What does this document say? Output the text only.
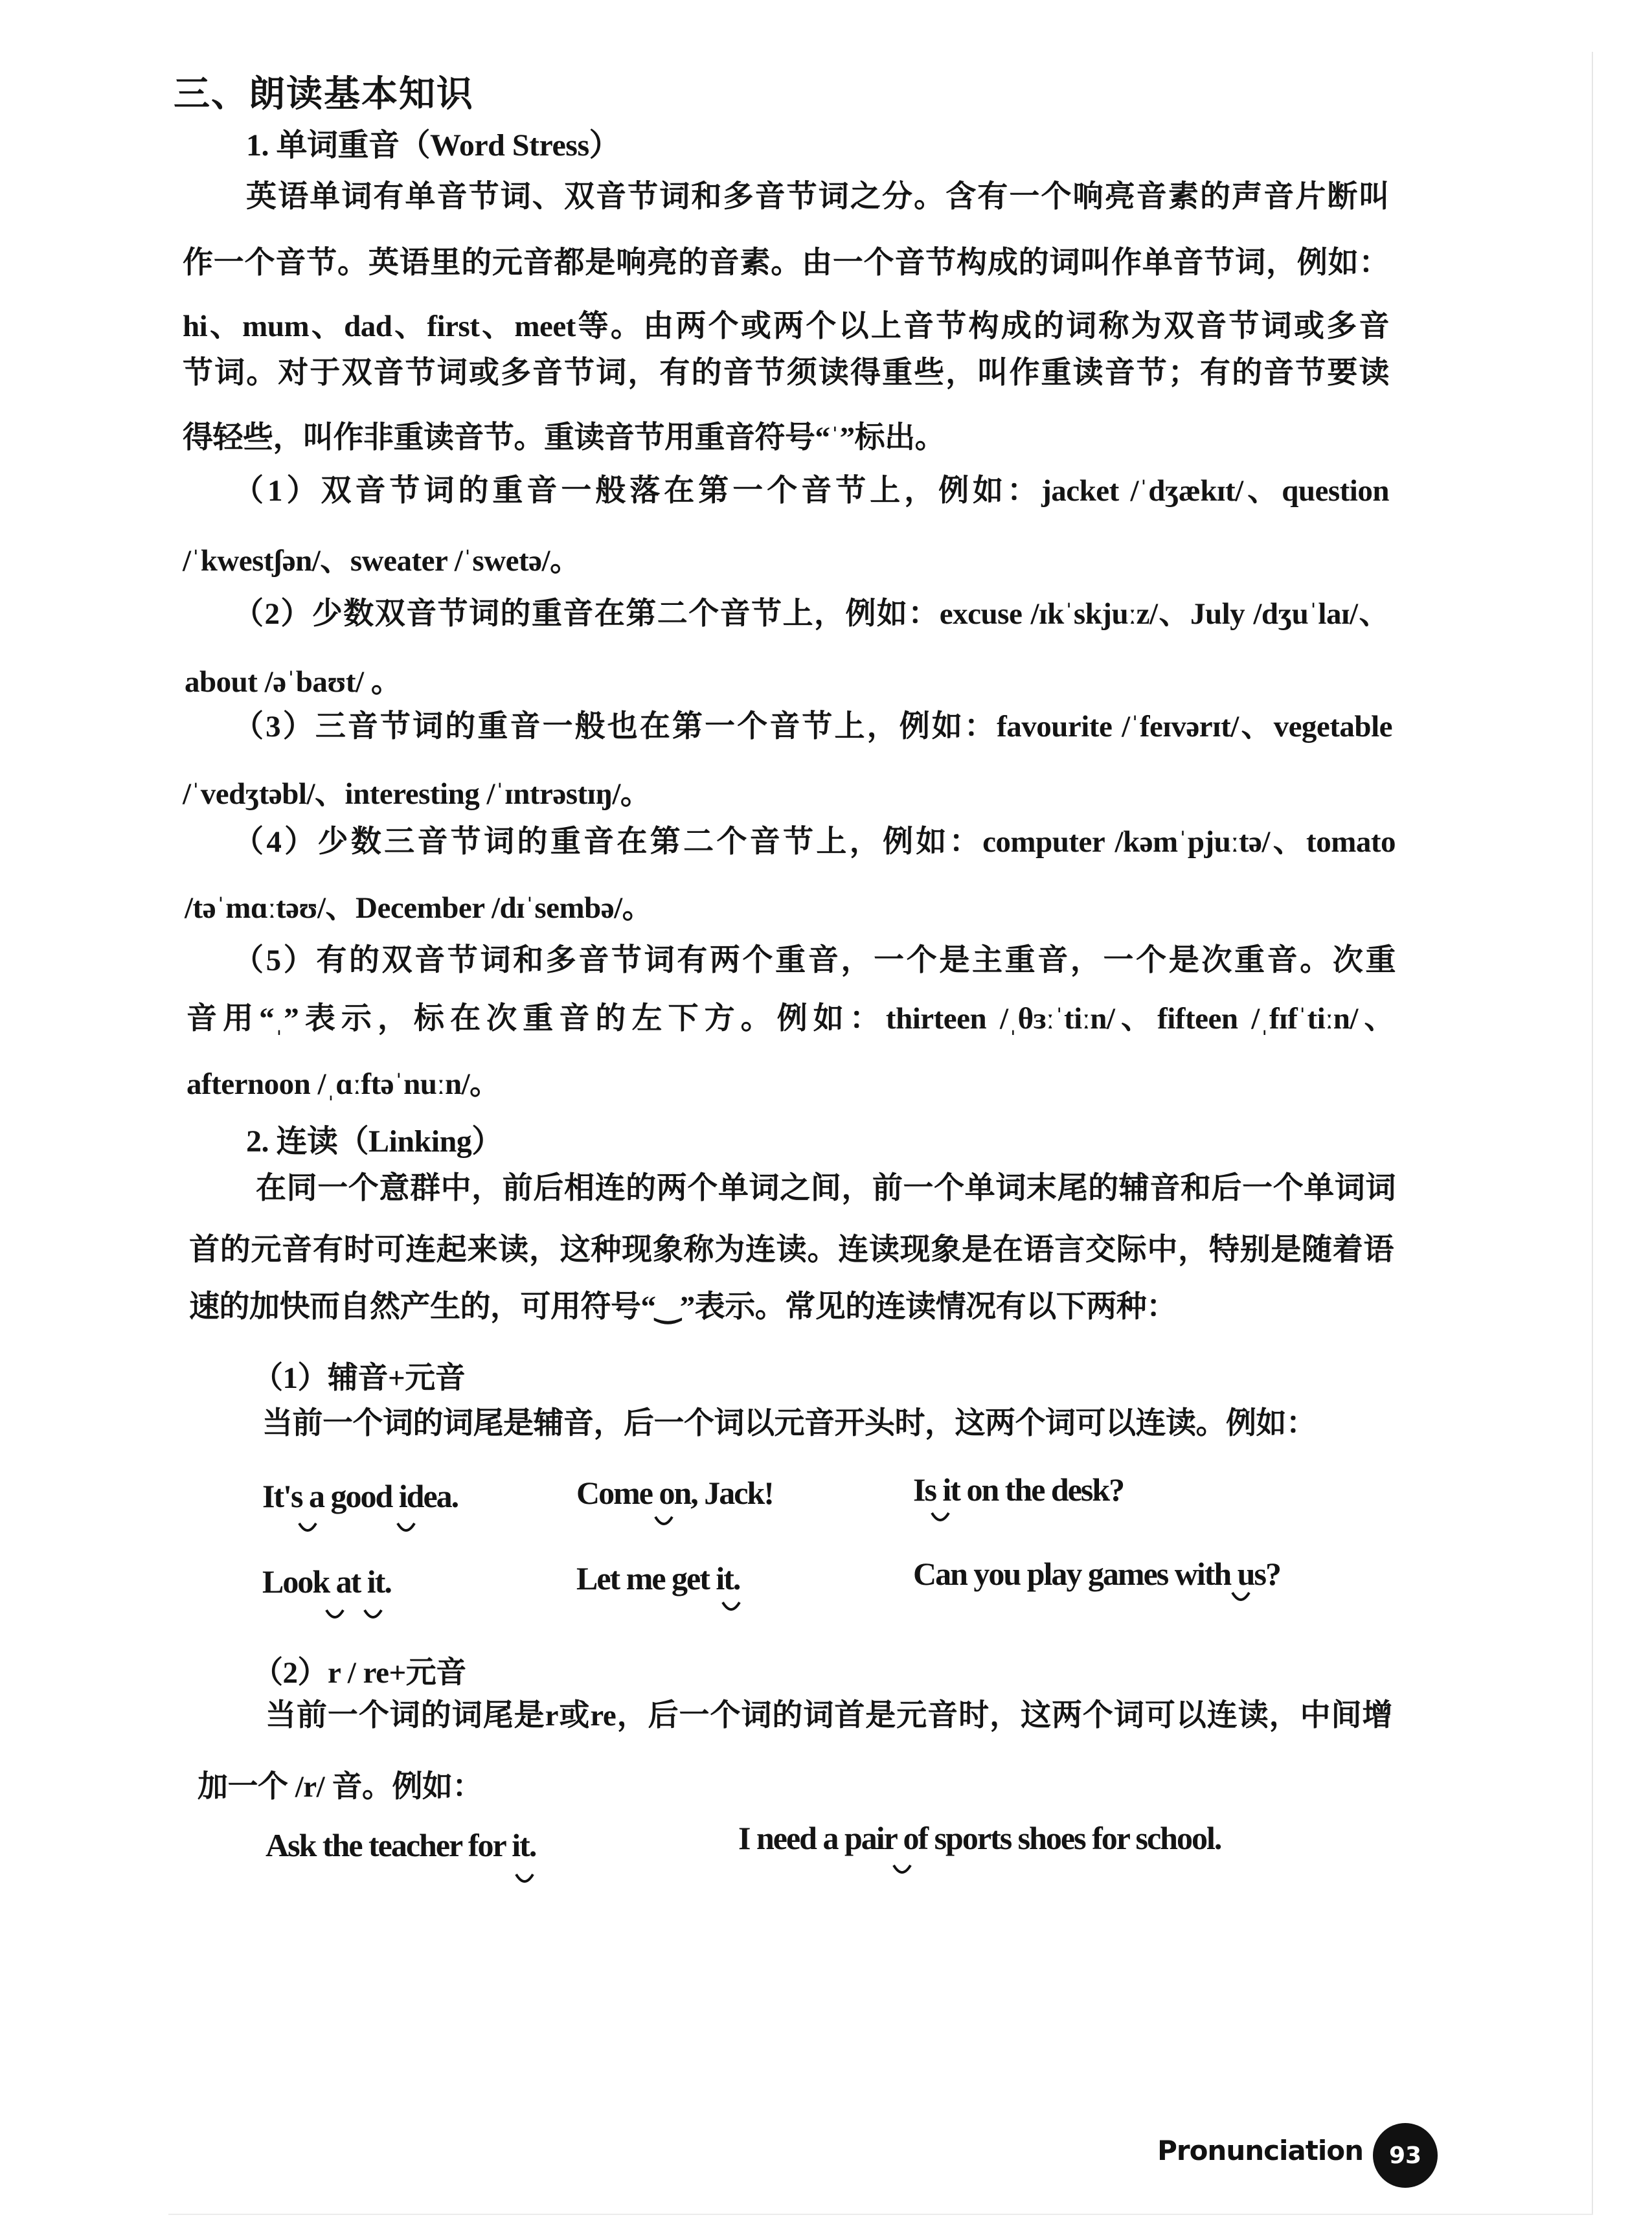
三、朗读基本知识
1. 单词重音（Word Stress）
英语单词有单音节词、双音节词和多音节词之分。含有一个响亮音素的声音片断叫
作一个音节。英语里的元音都是响亮的音素。由一个音节构成的词叫作单音节词，例如：
hi、mum、dad、first、meet等。由两个或两个以上音节构成的词称为双音节词或多音
节词。对于双音节词或多音节词，有的音节须读得重些，叫作重读音节；有的音节要读
得轻些，叫作非重读音节。重读音节用重音符号“ˈ”标出。
（1）双音节词的重音一般落在第一个音节上，例如：jacket /ˈdʒækɪt/、question
/ˈkwestʃən/、sweater /ˈswetə/。
（2）少数双音节词的重音在第二个音节上，例如：excuse /ɪkˈskjuːz/、July /dʒuˈlaɪ/、
about /əˈbaʊt/ 。
（3）三音节词的重音一般也在第一个音节上，例如：favourite /ˈfeɪvərɪt/、vegetable
/ˈvedʒtəbl/、interesting /ˈɪntrəstɪŋ/。
（4）少数三音节词的重音在第二个音节上，例如：computer /kəmˈpjuːtə/、tomato
/təˈmɑːtəʊ/、December /dɪˈsembə/。
（5）有的双音节词和多音节词有两个重音，一个是主重音，一个是次重音。次重
音用“ˌ”表示，标在次重音的左下方。例如：thirteen /ˌθɜːˈtiːn/、fifteen /ˌfɪfˈtiːn/、
afternoon /ˌɑːftəˈnuːn/。
2. 连读（Linking）
在同一个意群中，前后相连的两个单词之间，前一个单词末尾的辅音和后一个单词词
首的元音有时可连起来读，这种现象称为连读。连读现象是在语言交际中，特别是随着语
速的加快而自然产生的，可用符号“‿”表示。常见的连读情况有以下两种：
（1）辅音+元音
当前一个词的词尾是辅音，后一个词以元音开头时，这两个词可以连读。例如：
It's a good idea.	Come on, Jack!	Is it on the desk?
Look at it.	Let me get it.	Can you play games with us?
（2）r / re+元音
当前一个词的词尾是r或re，后一个词的词首是元音时，这两个词可以连读，中间增
加一个 /r/ 音。例如：
Ask the teacher for it.	I need a pair of sports shoes for school.
Pronunciation	93
